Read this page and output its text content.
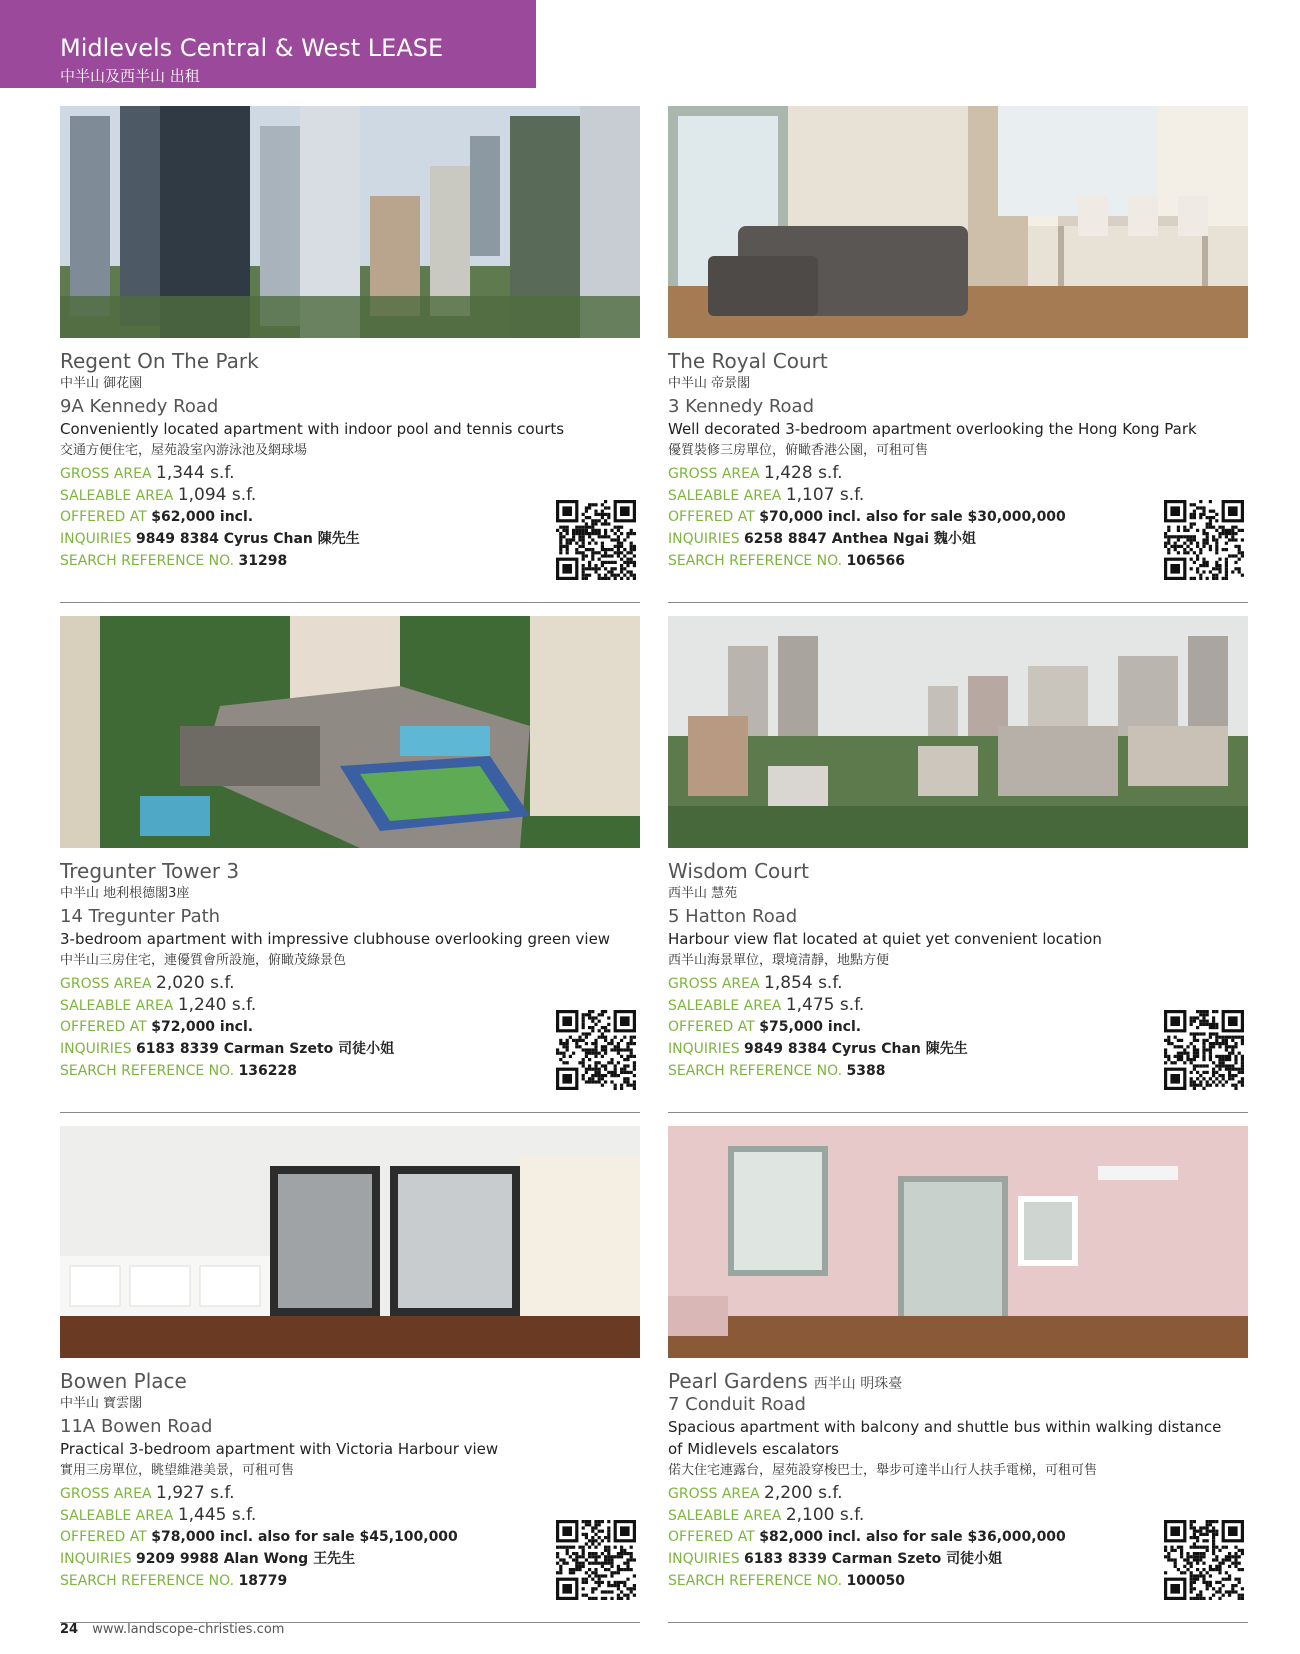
Midlevels Central & West LEASE
中半山及西半山 出租
Regent On The Park
中半山 御花園
9A Kennedy Road
Conveniently located apartment with indoor pool and tennis courts
交通方便住宅，屋苑設室內游泳池及網球場
GROSS AREA 1,344 s.f.
SALEABLE AREA 1,094 s.f.
OFFERED AT $62,000 incl.
INQUIRIES 9849 8384 Cyrus Chan 陳先生
SEARCH REFERENCE NO. 31298
The Royal Court
中半山 帝景閣
3 Kennedy Road
Well decorated 3-bedroom apartment overlooking the Hong Kong Park
優質裝修三房單位，俯瞰香港公園，可租可售
GROSS AREA 1,428 s.f.
SALEABLE AREA 1,107 s.f.
OFFERED AT $70,000 incl. also for sale $30,000,000
INQUIRIES 6258 8847 Anthea Ngai 魏小姐
SEARCH REFERENCE NO. 106566
Tregunter Tower 3
中半山 地利根德閣3座
14 Tregunter Path
3-bedroom apartment with impressive clubhouse overlooking green view
中半山三房住宅，連優質會所設施，俯瞰茂綠景色
GROSS AREA 2,020 s.f.
SALEABLE AREA 1,240 s.f.
OFFERED AT $72,000 incl.
INQUIRIES 6183 8339 Carman Szeto 司徒小姐
SEARCH REFERENCE NO. 136228
Wisdom Court
西半山 慧苑
5 Hatton Road
Harbour view flat located at quiet yet convenient location
西半山海景單位，環境清靜，地點方便
GROSS AREA 1,854 s.f.
SALEABLE AREA 1,475 s.f.
OFFERED AT $75,000 incl.
INQUIRIES 9849 8384 Cyrus Chan 陳先生
SEARCH REFERENCE NO. 5388
Bowen Place
中半山 寶雲閣
11A Bowen Road
Practical 3-bedroom apartment with Victoria Harbour view
實用三房單位，眺望維港美景，可租可售
GROSS AREA 1,927 s.f.
SALEABLE AREA 1,445 s.f.
OFFERED AT $78,000 incl. also for sale $45,100,000
INQUIRIES 9209 9988 Alan Wong 王先生
SEARCH REFERENCE NO. 18779
Pearl Gardens 西半山 明珠臺
7 Conduit Road
Spacious apartment with balcony and shuttle bus within walking distance
of Midlevels escalators
偌大住宅連露台，屋苑設穿梭巴士，舉步可達半山行人扶手電梯，可租可售
GROSS AREA 2,200 s.f.
SALEABLE AREA 2,100 s.f.
OFFERED AT $82,000 incl. also for sale $36,000,000
INQUIRIES 6183 8339 Carman Szeto 司徒小姐
SEARCH REFERENCE NO. 100050
24 www.landscope-christies.com
